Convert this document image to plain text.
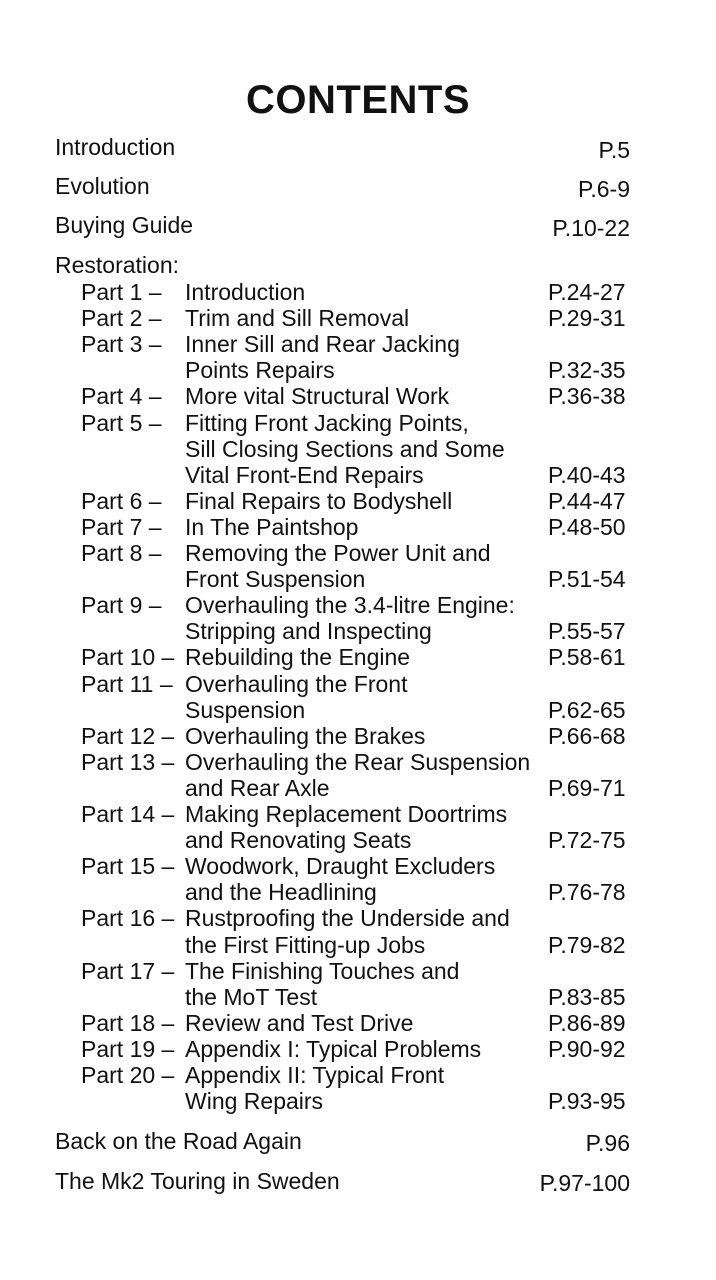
CONTENTS
Introduction	P.5
Evolution	P.6-9
Buying Guide	P.10-22
Restoration:
Part 1 – Introduction	P.24-27
Part 2 – Trim and Sill Removal	P.29-31
Part 3 – Inner Sill and Rear Jacking
Points Repairs	P.32-35
Part 4 – More vital Structural Work	P.36-38
Part 5 – Fitting Front Jacking Points,
Sill Closing Sections and Some
Vital Front-End Repairs	P.40-43
Part 6 – Final Repairs to Bodyshell	P.44-47
Part 7 – In The Paintshop	P.48-50
Part 8 – Removing the Power Unit and
Front Suspension	P.51-54
Part 9 – Overhauling the 3.4-litre Engine:
Stripping and Inspecting	P.55-57
Part 10 – Rebuilding the Engine	P.58-61
Part 11 – Overhauling the Front
Suspension	P.62-65
Part 12 – Overhauling the Brakes	P.66-68
Part 13 – Overhauling the Rear Suspension
and Rear Axle	P.69-71
Part 14 – Making Replacement Doortrims
and Renovating Seats	P.72-75
Part 15 – Woodwork, Draught Excluders
and the Headlining	P.76-78
Part 16 – Rustproofing the Underside and
the First Fitting-up Jobs	P.79-82
Part 17 – The Finishing Touches and
the MoT Test	P.83-85
Part 18 – Review and Test Drive	P.86-89
Part 19 – Appendix I: Typical Problems	P.90-92
Part 20 – Appendix II: Typical Front
Wing Repairs	P.93-95
Back on the Road Again	P.96
The Mk2 Touring in Sweden	P.97-100
